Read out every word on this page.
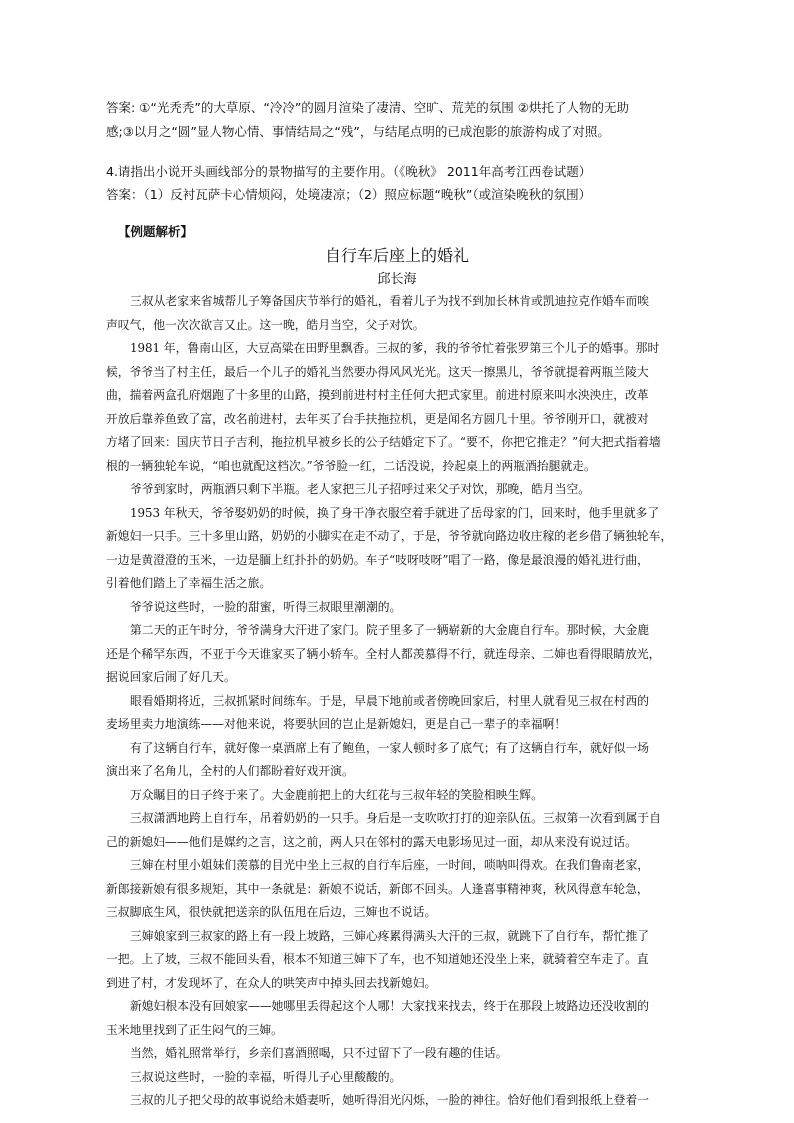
答案: ①“光秃秃”的大草原、“冷冷”的圆月渲染了凄清、空旷、荒芜的氛围 ②烘托了人物的无助

感;③以月之“圆”显人物心情、事情结局之“残”，与结尾点明的已成泡影的旅游构成了对照。

4.请指出小说开头画线部分的景物描写的主要作用。（《晚秋》 2011年高考江西卷试题）
答案：（1）反衬瓦萨卡心情烦闷，处境凄凉；（2）照应标题“晚秋”（或渲染晚秋的氛围）
【例题解析】
自行车后座上的婚礼
邱长海

三叔从老家来省城帮儿子筹备国庆节举行的婚礼，看着儿子为找不到加长林肯或凯迪拉克作婚车而唉

声叹气，他一次次欲言又止。这一晚，皓月当空，父子对饮。

1981 年，鲁南山区，大豆高粱在田野里飘香。三叔的爹，我的爷爷忙着张罗第三个儿子的婚事。那时

候，爷爷当了村主任，最后一个儿子的婚礼当然要办得风风光光。这天一擦黑儿，爷爷就提着两瓶兰陵大

曲，揣着两盒孔府烟跑了十多里的山路，摸到前进村村主任何大把式家里。前进村原来叫水泱泱庄，改革

开放后靠养鱼致了富，改名前进村，去年买了台手扶拖拉机，更是闻名方圆几十里。爷爷刚开口，就被对

方堵了回来：国庆节日子吉利，拖拉机早被乡长的公子结婚定下了。“要不，你把它推走？”何大把式指着墙

根的一辆独轮车说，“咱也就配这档次。”爷爷脸一红，二话没说，拎起桌上的两瓶酒抬腿就走。

爷爷到家时，两瓶酒只剩下半瓶。老人家把三儿子招呼过来父子对饮，那晚，皓月当空。

1953 年秋天，爷爷娶奶奶的时候，换了身干净衣服空着手就进了岳母家的门，回来时，他手里就多了

新媳妇一只手。三十多里山路，奶奶的小脚实在走不动了，于是，爷爷就向路边收庄稼的老乡借了辆独轮车，

一边是黄澄澄的玉米，一边是腼上红扑扑的奶奶。车子“吱呀吱呀”唱了一路，像是最浪漫的婚礼进行曲，

引着他们踏上了幸福生活之旅。

爷爷说这些时，一脸的甜蜜，听得三叔眼里潮潮的。

第二天的正午时分，爷爷满身大汗进了家门。院子里多了一辆崭新的大金鹿自行车。那时候，大金鹿

还是个稀罕东西，不亚于今天谁家买了辆小轿车。全村人都羡慕得不行，就连母亲、二婶也看得眼睛放光，

据说回家后闹了好几天。

眼看婚期将近，三叔抓紧时间练车。于是，早晨下地前或者傍晚回家后，村里人就看见三叔在村西的

麦场里卖力地演练——对他来说，将要驮回的岂止是新媳妇，更是自己一辈子的幸福啊！

有了这辆自行车，就好像一桌酒席上有了鲍鱼，一家人顿时多了底气；有了这辆自行车，就好似一场

演出来了名角儿，全村的人们都盼着好戏开演。

万众瞩目的日子终于来了。大金鹿前把上的大红花与三叔年轻的笑脸相映生辉。

三叔潇洒地跨上自行车，吊着奶奶的一只手。身后是一支吹吹打打的迎亲队伍。三叔第一次看到属于自

己的新媳妇——他们是媒约之言，这之前，两人只在邻村的露天电影场见过一面，却从来没有说过话。

三婶在村里小姐妹们羡慕的目光中坐上三叔的自行车后座，一时间，唢呐叫得欢。在我们鲁南老家，

新郎接新娘有很多规矩，其中一条就是：新娘不说话，新郎不回头。人逢喜事精神爽，秋风得意车轮急，

三叔脚底生风，很快就把送亲的队伍甩在后边，三婶也不说话。

三婶娘家到三叔家的路上有一段上坡路，三婶心疼累得满头大汗的三叔，就跳下了自行车，帮忙推了

一把。上了坡，三叔不能回头看，根本不知道三婶下了车，也不知道她还没坐上来，就骑着空车走了。直

到进了村，才发现坏了，在众人的哄笑声中掉头回去找新媳妇。

新媳妇根本没有回娘家——她哪里丢得起这个人哪！大家找来找去，终于在那段上坡路边还没收割的

玉米地里找到了正生闷气的三婶。

当然，婚礼照常举行，乡亲们喜酒照喝，只不过留下了一段有趣的佳话。

三叔说这些时，一脸的幸福，听得儿子心里酸酸的。

三叔的儿子把父母的故事说给未婚妻听，她听得泪光闪烁，一脸的神往。恰好他们看到报纸上登着一
